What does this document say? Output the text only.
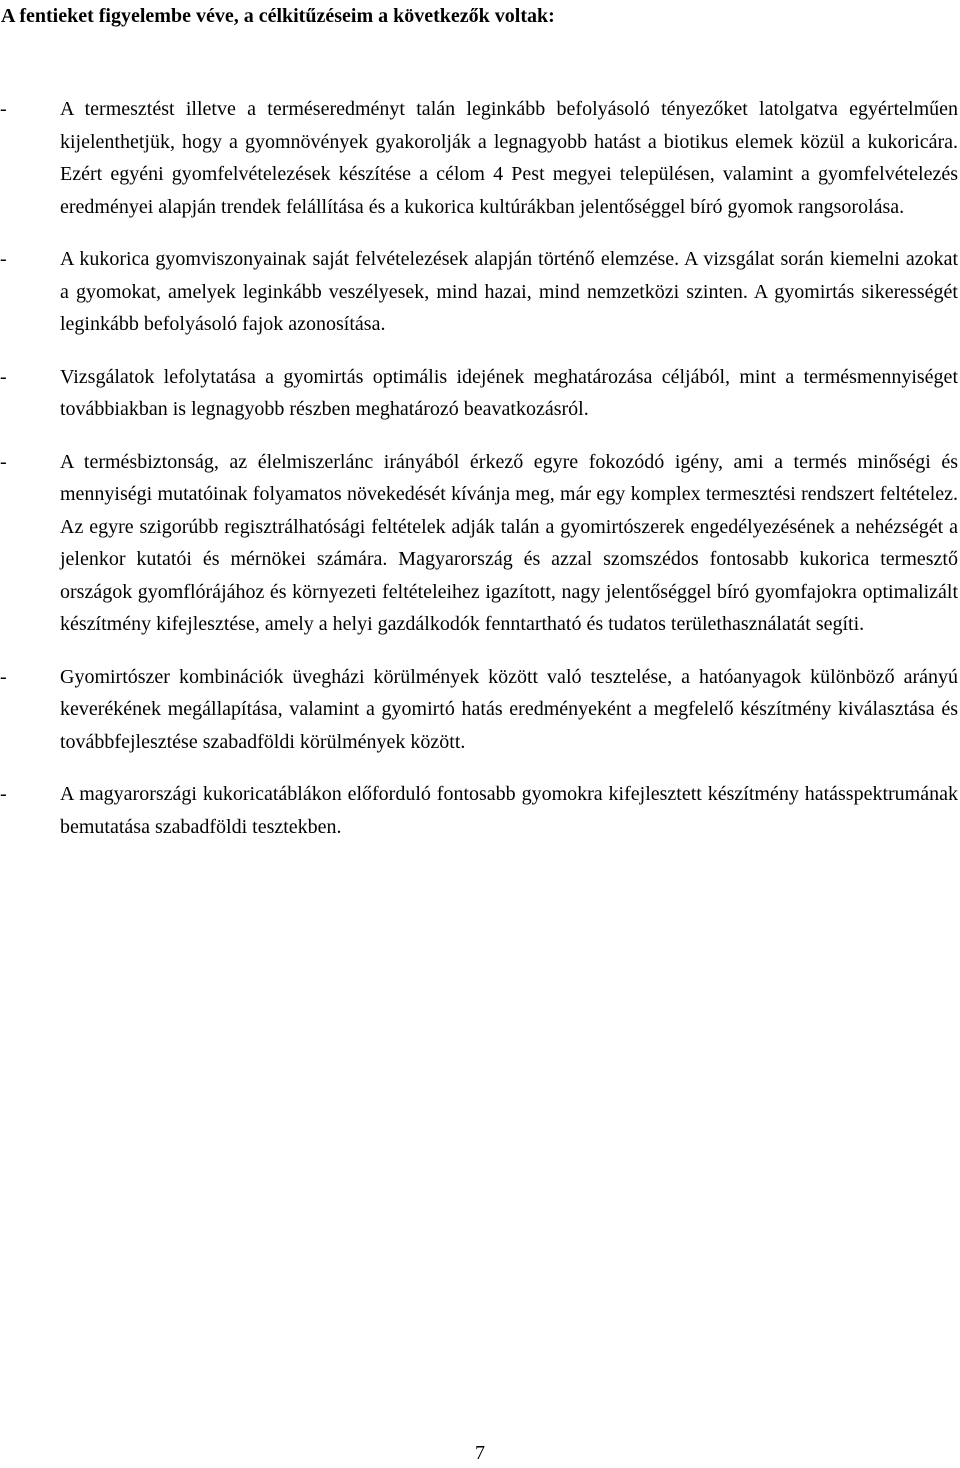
A fentieket figyelembe véve, a célkitűzéseim a következők voltak:

-	A termesztést illetve a terméseredményt talán leginkább befolyásoló tényezőket latolgatva egyértelműen kijelenthetjük, hogy a gyomnövények gyakorolják a legnagyobb hatást a biotikus elemek közül a kukoricára. Ezért egyéni gyomfelvételezések készítése a célom 4 Pest megyei településen, valamint a gyomfelvételezés eredményei alapján trendek felállítása és a kukorica kultúrákban jelentőséggel bíró gyomok rangsorolása.
-	A kukorica gyomviszonyainak saját felvételezések alapján történő elemzése. A vizsgálat során kiemelni azokat a gyomokat, amelyek leginkább veszélyesek, mind hazai, mind nemzetközi szinten. A gyomirtás sikerességét leginkább befolyásoló fajok azonosítása.
-	Vizsgálatok lefolytatása a gyomirtás optimális idejének meghatározása céljából, mint a termésmennyiséget továbbiakban is legnagyobb részben meghatározó beavatkozásról.
-	A termésbiztonság, az élelmiszerlánc irányából érkező egyre fokozódó igény, ami a termés minőségi és mennyiségi mutatóinak folyamatos növekedését kívánja meg, már egy komplex termesztési rendszert feltételez. Az egyre szigorúbb regisztrálhatósági feltételek adják talán a gyomirtószerek engedélyezésének a nehézségét a jelenkor kutatói és mérnökei számára. Magyarország és azzal szomszédos fontosabb kukorica termesztő országok gyomflórájához és környezeti feltételeihez igazított, nagy jelentőséggel bíró gyomfajokra optimalizált készítmény kifejlesztése, amely a helyi gazdálkodók fenntartható és tudatos területhasználatát segíti.
-	Gyomirtószer kombinációk üvegházi körülmények között való tesztelése, a hatóanyagok különböző arányú keverékének megállapítása, valamint a gyomirtó hatás eredményeként a megfelelő készítmény kiválasztása és továbbfejlesztése szabadföldi körülmények között.
-	A magyarországi kukoricatáblákon előforduló fontosabb gyomokra kifejlesztett készítmény hatásspektrumának bemutatása szabadföldi tesztekben.
7
